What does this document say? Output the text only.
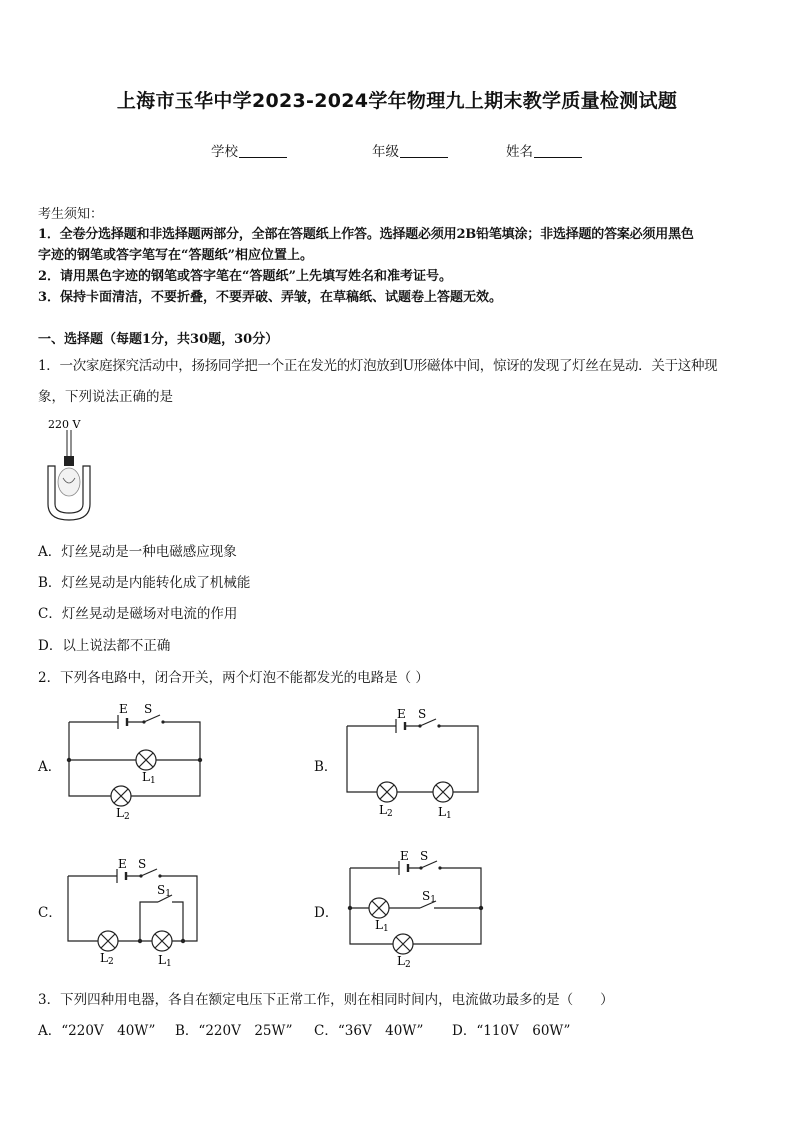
上海市玉华中学2023-2024学年物理九上期末教学质量检测试题
学校	年级	姓名
考生须知：
1．全卷分选择题和非选择题两部分，全部在答题纸上作答。选择题必须用2B铅笔填涂；非选择题的答案必须用黑色
字迹的钢笔或答字笔写在“答题纸”相应位置上。
2．请用黑色字迹的钢笔或答字笔在“答题纸”上先填写姓名和准考证号。
3．保持卡面清洁，不要折叠，不要弄破、弄皱，在草稿纸、试题卷上答题无效。
一、选择题（每题1分，共30题，30分）
1．一次家庭探究活动中，扬扬同学把一个正在发光的灯泡放到U形磁体中间，惊讶的发现了灯丝在晃动．关于这种现
象，下列说法正确的是
220 V
A．灯丝晃动是一种电磁感应现象
B．灯丝晃动是内能转化成了机械能
C．灯丝晃动是磁场对电流的作用
D．以上说法都不正确
2．下列各电路中，闭合开关，两个灯泡不能都发光的电路是（ ）
A．
E S
L1
L2
B．
E S
L2	L1
C．
E S
S1
L2	L1
D．
E S
S1
L1
L2
3．下列四种用电器，各自在额定电压下正常工作，则在相同时间内，电流做功最多的是（　　）
A．“220V　40W” B．“220V　25W” C．“36V　40W” D．“110V　60W”
